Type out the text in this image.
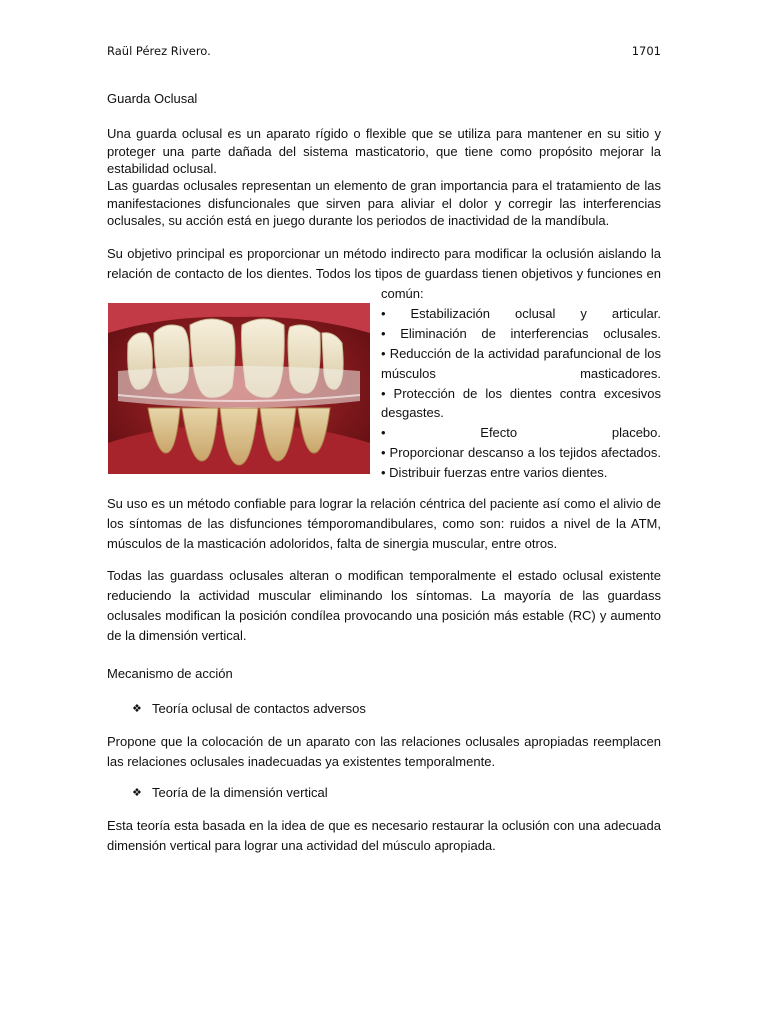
Raül Pérez Rivero.	1701
Guarda Oclusal
Una guarda oclusal es un aparato rígido o flexible que se utiliza para mantener en su sitio y proteger una parte dañada del sistema masticatorio, que tiene como propósito mejorar la estabilidad oclusal.
Las guardas oclusales representan un elemento de gran importancia para el tratamiento de las manifestaciones disfuncionales que sirven para aliviar el dolor y corregir las interferencias oclusales, su acción está en juego durante los periodos de inactividad de la mandíbula.
Su objetivo principal es proporcionar un método indirecto para modificar la oclusión aislando la
relación de contacto de los dientes. Todos los tipos de guardass tienen objetivos y funciones en
común:
• Estabilización oclusal y articular.
• Eliminación de interferencias oclusales.
• Reducción de la actividad parafuncional de los
músculos masticadores.
• Protección de los dientes contra excesivos
desgastes.
• Efecto placebo.
• Proporcionar descanso a los tejidos afectados.
• Distribuir fuerzas entre varios dientes.
Su uso es un método confiable para lograr la relación céntrica del paciente así como el alivio de los síntomas de las disfunciones témporomandibulares, como son: ruidos a nivel de la ATM, músculos de la masticación adoloridos, falta de sinergia muscular, entre otros.
Todas las guardass oclusales alteran o modifican temporalmente el estado oclusal existente reduciendo la actividad muscular eliminando los síntomas. La mayoría de las guardass oclusales modifican la posición condílea provocando una posición más estable (RC) y aumento de la dimensión vertical.
Mecanismo de acción
❖ Teoría oclusal de contactos adversos
Propone que la colocación de un aparato con las relaciones oclusales apropiadas reemplacen las relaciones oclusales inadecuadas ya existentes temporalmente.
❖ Teoría de la dimensión vertical
Esta teoría esta basada en la idea de que es necesario restaurar la oclusión con una adecuada dimensión vertical para lograr una actividad del músculo apropiada.
